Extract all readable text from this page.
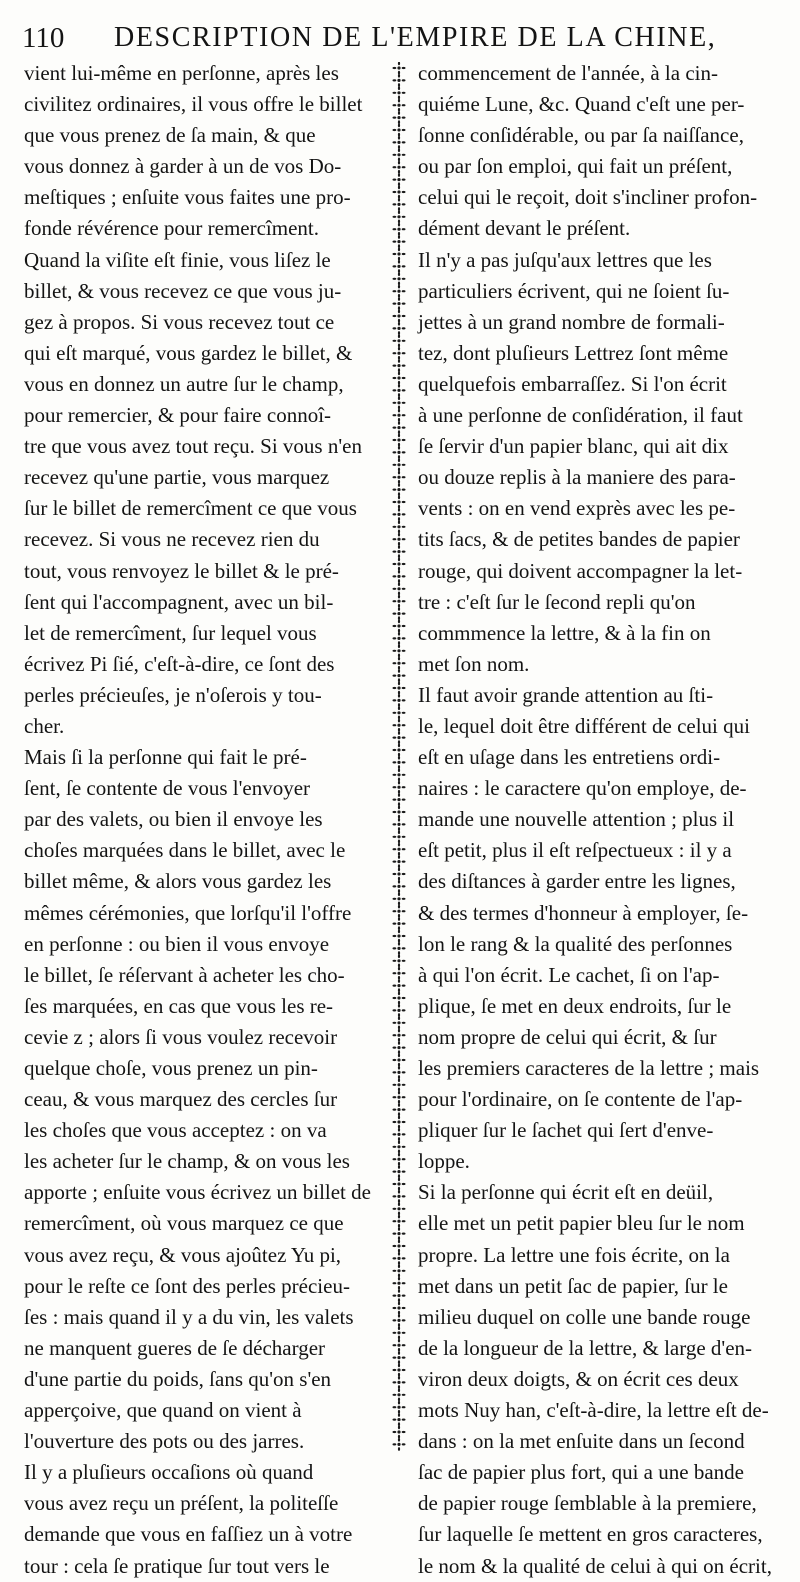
110 DESCRIPTION DE L'EMPIRE DE LA CHINE,

vient lui-même en perſonne, après les
civilitez ordinaires, il vous offre le billet
que vous prenez de ſa main, & que
vous donnez à garder à un de vos Do-
meſtiques ; enſuite vous faites une pro-
fonde révérence pour remercîment.
Quand la viſite eſt finie, vous liſez le
billet, & vous recevez ce que vous ju-
gez à propos. Si vous recevez tout ce
qui eſt marqué, vous gardez le billet, &
vous en donnez un autre ſur le champ,
pour remercier, & pour faire connoî-
tre que vous avez tout reçu. Si vous n'en
recevez qu'une partie, vous marquez
ſur le billet de remercîment ce que vous
recevez. Si vous ne recevez rien du
tout, vous renvoyez le billet & le pré-
ſent qui l'accompagnent, avec un bil-
let de remercîment, ſur lequel vous
écrivez Pi ſié, c'eſt-à-dire, ce ſont des
perles précieuſes, je n'oſerois y tou-
cher.

Mais ſi la perſonne qui fait le pré-
ſent, ſe contente de vous l'envoyer
par des valets, ou bien il envoye les
choſes marquées dans le billet, avec le
billet même, & alors vous gardez les
mêmes cérémonies, que lorſqu'il l'offre
en perſonne : ou bien il vous envoye
le billet, ſe réſervant à acheter les cho-
ſes marquées, en cas que vous les re-
cevie z ; alors ſi vous voulez recevoir
quelque choſe, vous prenez un pin-
ceau, & vous marquez des cercles ſur
les choſes que vous acceptez : on va
les acheter ſur le champ, & on vous les
apporte ; enſuite vous écrivez un billet de
remercîment, où vous marquez ce que
vous avez reçu, & vous ajoûtez Yu pi,
pour le reſte ce ſont des perles précieu-
ſes : mais quand il y a du vin, les valets
ne manquent gueres de ſe décharger
d'une partie du poids, ſans qu'on s'en
apperçoive, que quand on vient à
l'ouverture des pots ou des jarres.

Il y a pluſieurs occaſions où quand
vous avez reçu un préſent, la politeſſe
demande que vous en faſſiez un à votre
tour : cela ſe pratique ſur tout vers le

commencement de l'année, à la cin-
quiéme Lune, &c. Quand c'eſt une per-
ſonne conſidérable, ou par ſa naiſſance,
ou par ſon emploi, qui fait un préſent,
celui qui le reçoit, doit s'incliner profon-
dément devant le préſent.

Il n'y a pas juſqu'aux lettres que les
particuliers écrivent, qui ne ſoient ſu-
jettes à un grand nombre de formali-
tez, dont pluſieurs Lettrez ſont même
quelquefois embarraſſez. Si l'on écrit
à une perſonne de conſidération, il faut
ſe ſervir d'un papier blanc, qui ait dix
ou douze replis à la maniere des para-
vents : on en vend exprès avec les pe-
tits ſacs, & de petites bandes de papier
rouge, qui doivent accompagner la let-
tre : c'eſt ſur le ſecond repli qu'on
commmence la lettre, & à la fin on
met ſon nom.

Il faut avoir grande attention au ſti-
le, lequel doit être différent de celui qui
eſt en uſage dans les entretiens ordi-
naires : le caractere qu'on employe, de-
mande une nouvelle attention ; plus il
eſt petit, plus il eſt reſpectueux : il y a
des diſtances à garder entre les lignes,
& des termes d'honneur à employer, ſe-
lon le rang & la qualité des perſonnes
à qui l'on écrit. Le cachet, ſi on l'ap-
plique, ſe met en deux endroits, ſur le
nom propre de celui qui écrit, & ſur
les premiers caracteres de la lettre ; mais
pour l'ordinaire, on ſe contente de l'ap-
pliquer ſur le ſachet qui ſert d'enve-
loppe.

Si la perſonne qui écrit eſt en deüil,
elle met un petit papier bleu ſur le nom
propre. La lettre une fois écrite, on la
met dans un petit ſac de papier, ſur le
milieu duquel on colle une bande rouge
de la longueur de la lettre, & large d'en-
viron deux doigts, & on écrit ces deux
mots Nuy han, c'eſt-à-dire, la lettre eſt de-
dans : on la met enſuite dans un ſecond
ſac de papier plus fort, qui a une bande
de papier rouge ſemblable à la premiere,
ſur laquelle ſe mettent en gros caracteres,
le nom & la qualité de celui à qui on écrit,
